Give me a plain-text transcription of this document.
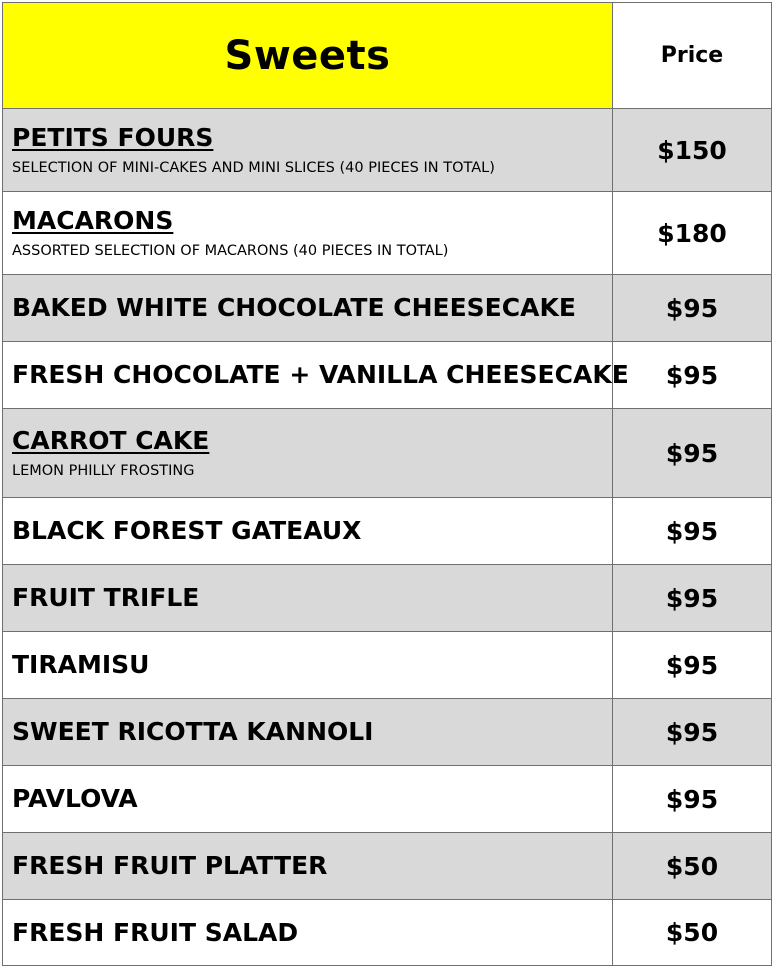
Sweets	Price

PETITS FOURS
SELECTION OF MINI-CAKES AND MINI SLICES (40 PIECES IN TOTAL)	$150

MACARONS
ASSORTED SELECTION OF MACARONS (40 PIECES IN TOTAL)	$180

BAKED WHITE CHOCOLATE CHEESECAKE	$95

FRESH CHOCOLATE + VANILLA CHEESECAKE	$95

CARROT CAKE
LEMON PHILLY FROSTING	$95

BLACK FOREST GATEAUX	$95

FRUIT TRIFLE	$95

TIRAMISU	$95

SWEET RICOTTA KANNOLI	$95

PAVLOVA	$95

FRESH FRUIT PLATTER	$50

FRESH FRUIT SALAD	$50
